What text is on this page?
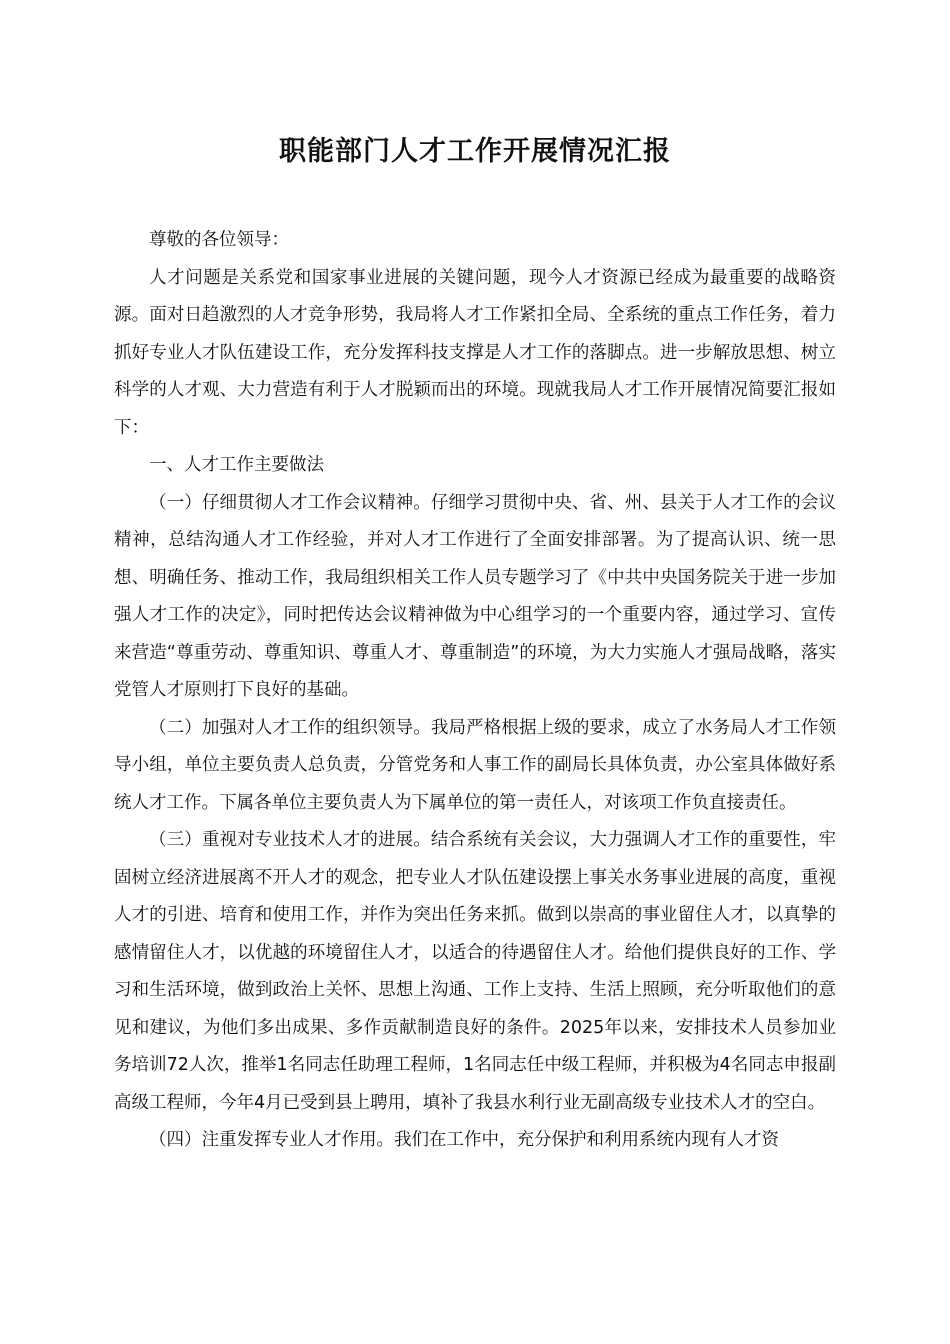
职能部门人才工作开展情况汇报

尊敬的各位领导：

人才问题是关系党和国家事业进展的关键问题，现今人才资源已经成为最重要的战略资源。面对日趋激烈的人才竞争形势，我局将人才工作紧扣全局、全系统的重点工作任务，着力抓好专业人才队伍建设工作，充分发挥科技支撑是人才工作的落脚点。进一步解放思想、树立科学的人才观、大力营造有利于人才脱颖而出的环境。现就我局人才工作开展情况简要汇报如下：

一、人才工作主要做法

（一）仔细贯彻人才工作会议精神。仔细学习贯彻中央、省、州、县关于人才工作的会议精神，总结沟通人才工作经验，并对人才工作进行了全面安排部署。为了提高认识、统一思想、明确任务、推动工作，我局组织相关工作人员专题学习了《中共中央国务院关于进一步加强人才工作的决定》，同时把传达会议精神做为中心组学习的一个重要内容，通过学习、宣传来营造“尊重劳动、尊重知识、尊重人才、尊重制造”的环境，为大力实施人才强局战略，落实党管人才原则打下良好的基础。

（二）加强对人才工作的组织领导。我局严格根据上级的要求，成立了水务局人才工作领导小组，单位主要负责人总负责，分管党务和人事工作的副局长具体负责，办公室具体做好系统人才工作。下属各单位主要负责人为下属单位的第一责任人，对该项工作负直接责任。

（三）重视对专业技术人才的进展。结合系统有关会议，大力强调人才工作的重要性，牢固树立经济进展离不开人才的观念，把专业人才队伍建设摆上事关水务事业进展的高度，重视人才的引进、培育和使用工作，并作为突出任务来抓。做到以崇高的事业留住人才，以真挚的感情留住人才，以优越的环境留住人才，以适合的待遇留住人才。给他们提供良好的工作、学习和生活环境，做到政治上关怀、思想上沟通、工作上支持、生活上照顾，充分听取他们的意见和建议，为他们多出成果、多作贡献制造良好的条件。2025年以来，安排技术人员参加业务培训72人次，推举1名同志任助理工程师，1名同志任中级工程师，并积极为4名同志申报副高级工程师，今年4月已受到县上聘用，填补了我县水利行业无副高级专业技术人才的空白。

（四）注重发挥专业人才作用。我们在工作中，充分保护和利用系统内现有人才资
